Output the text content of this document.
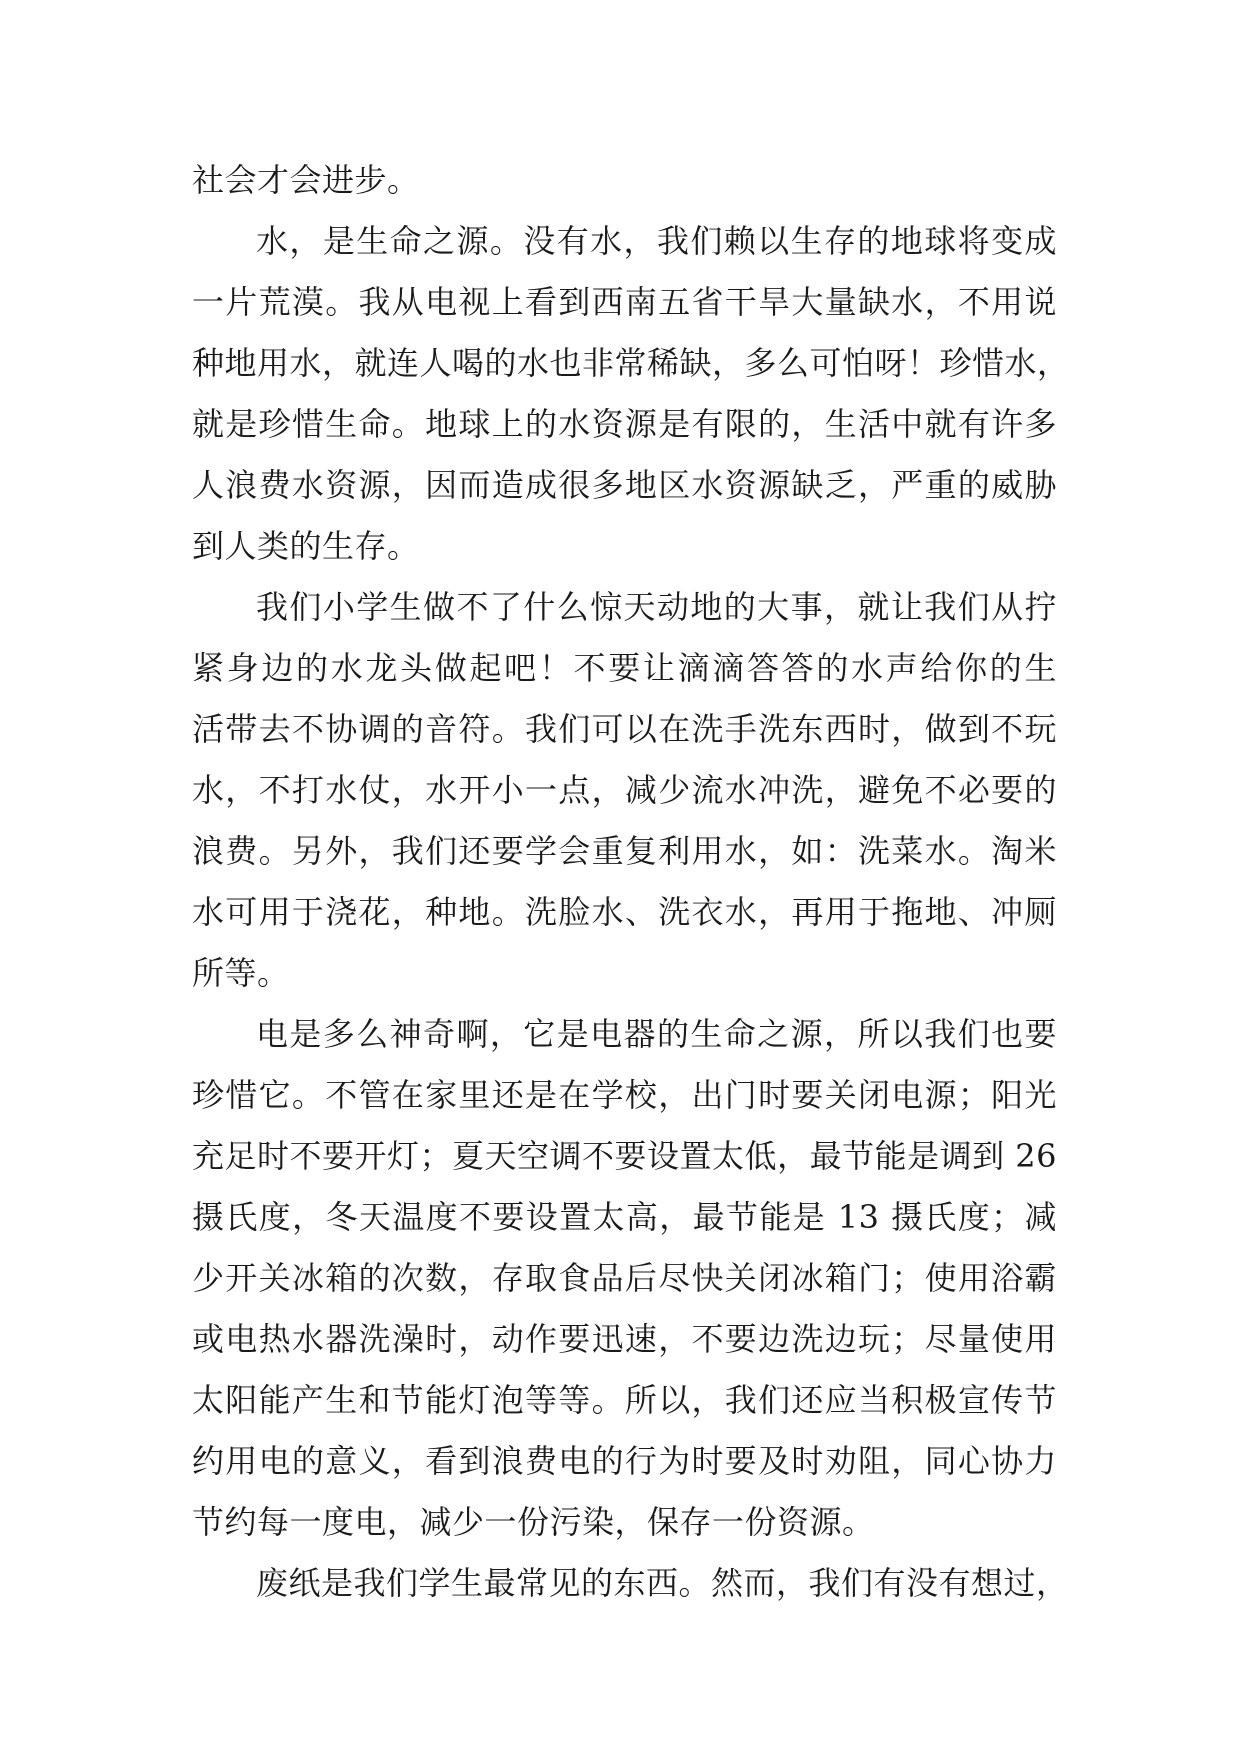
社会才会进步。
水，是生命之源。没有水，我们赖以生存的地球将变成
一片荒漠。我从电视上看到西南五省干旱大量缺水，不用说
种地用水，就连人喝的水也非常稀缺，多么可怕呀！珍惜水，
就是珍惜生命。地球上的水资源是有限的，生活中就有许多
人浪费水资源，因而造成很多地区水资源缺乏，严重的威胁
到人类的生存。
我们小学生做不了什么惊天动地的大事，就让我们从拧
紧身边的水龙头做起吧！不要让滴滴答答的水声给你的生
活带去不协调的音符。我们可以在洗手洗东西时，做到不玩
水，不打水仗，水开小一点，减少流水冲洗，避免不必要的
浪费。另外，我们还要学会重复利用水，如：洗菜水。淘米
水可用于浇花，种地。洗脸水、洗衣水，再用于拖地、冲厕
所等。
电是多么神奇啊，它是电器的生命之源，所以我们也要
珍惜它。不管在家里还是在学校，出门时要关闭电源；阳光
充足时不要开灯；夏天空调不要设置太低，最节能是调到 26
摄氏度，冬天温度不要设置太高，最节能是 13 摄氏度；减
少开关冰箱的次数，存取食品后尽快关闭冰箱门；使用浴霸
或电热水器洗澡时，动作要迅速，不要边洗边玩；尽量使用
太阳能产生和节能灯泡等等。所以，我们还应当积极宣传节
约用电的意义，看到浪费电的行为时要及时劝阻，同心协力
节约每一度电，减少一份污染，保存一份资源。
废纸是我们学生最常见的东西。然而，我们有没有想过，
